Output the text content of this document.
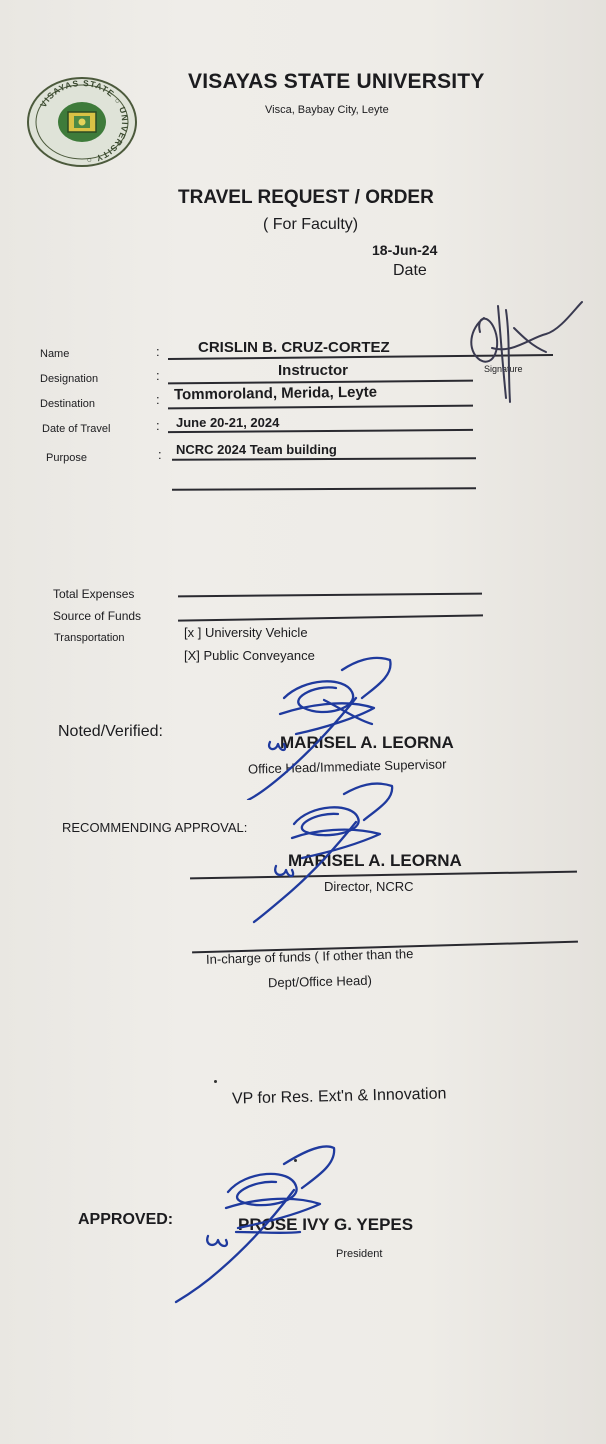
VISAYAS STATE ○ UNIVERSITY ○
VISAYAS STATE UNIVERSITY
Visca, Baybay City, Leyte
TRAVEL REQUEST / ORDER
( For Faculty)
18-Jun-24
Date
Name	:	CRISLIN B. CRUZ-CORTEZ
Designation	:	Instructor
Destination	: Tommoroland, Merida, Leyte
Date of Travel	: June 20-21, 2024
Purpose	: NCRC 2024 Team building
Signature
Total Expenses
Source of Funds
Transportation	[x ] University Vehicle
[X] Public Conveyance
Noted/Verified:
MARISEL A. LEORNA
Office Head/Immediate Supervisor
RECOMMENDING APPROVAL:
MARISEL A. LEORNA
Director, NCRC
In-charge of funds ( If other than the
Dept/Office Head)
VP for Res. Ext'n & Innovation
APPROVED:	PROSE IVY G. YEPES
President
